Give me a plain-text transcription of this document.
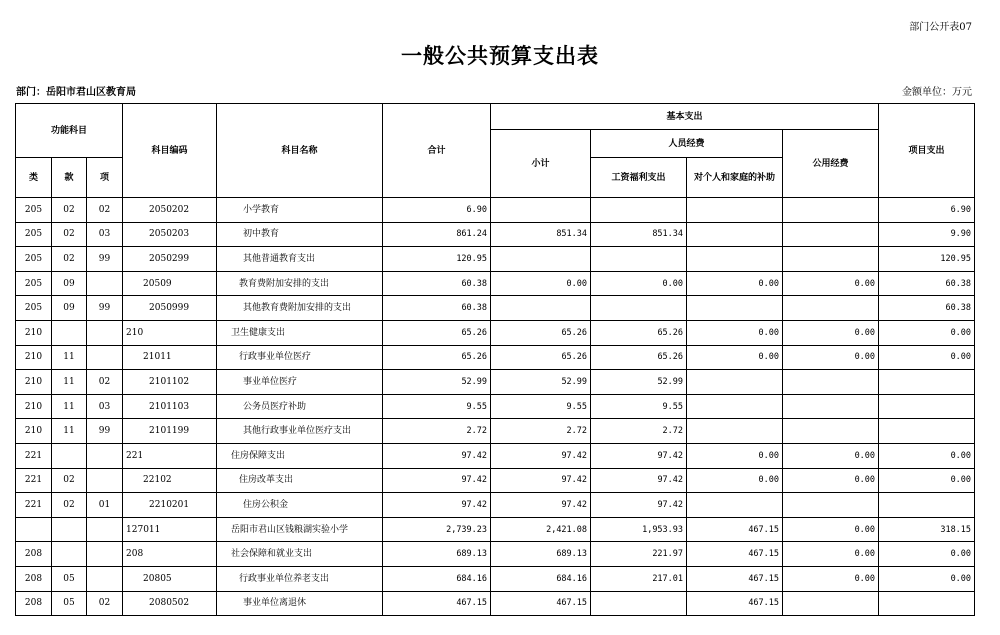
部门公开表07
一般公共预算支出表
部门：岳阳市君山区教育局	金额单位：万元
功能科目			科目编码	科目名称	合计	基本支出				项目支出
						小计	人员经费		公用经费	
类	款	项					工资福利支出	对个人和家庭的补助		
205	02	02	2050202	小学教育	6.90					6.90
205	02	03	2050203	初中教育	861.24	851.34	851.34			9.90
205	02	99	2050299	其他普通教育支出	120.95					120.95
205	09		20509	教育费附加安排的支出	60.38	0.00	0.00	0.00	0.00	60.38
205	09	99	2050999	其他教育费附加安排的支出	60.38					60.38
210			210	卫生健康支出	65.26	65.26	65.26	0.00	0.00	0.00
210	11		21011	行政事业单位医疗	65.26	65.26	65.26	0.00	0.00	0.00
210	11	02	2101102	事业单位医疗	52.99	52.99	52.99			
210	11	03	2101103	公务员医疗补助	9.55	9.55	9.55			
210	11	99	2101199	其他行政事业单位医疗支出	2.72	2.72	2.72			
221			221	住房保障支出	97.42	97.42	97.42	0.00	0.00	0.00
221	02		22102	住房改革支出	97.42	97.42	97.42	0.00	0.00	0.00
221	02	01	2210201	住房公积金	97.42	97.42	97.42			
			127011	岳阳市君山区钱粮湖实验小学	2,739.23	2,421.08	1,953.93	467.15	0.00	318.15
208			208	社会保障和就业支出	689.13	689.13	221.97	467.15	0.00	0.00
208	05		20805	行政事业单位养老支出	684.16	684.16	217.01	467.15	0.00	0.00
208	05	02	2080502	事业单位离退休	467.15	467.15		467.15		
